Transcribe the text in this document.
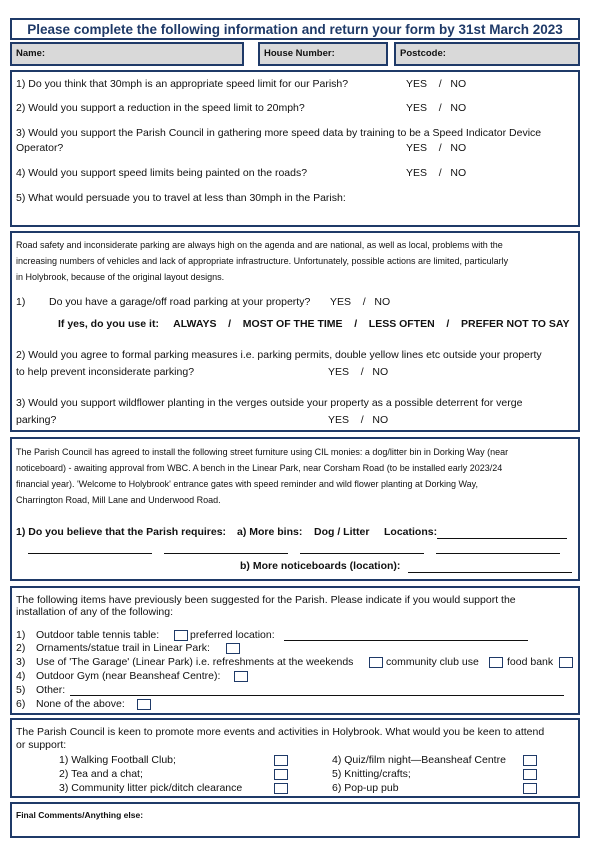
Please complete the following information and return your form by 31st March 2023
Name:	House Number:	Postcode:
1) Do you think that 30mph is an appropriate speed limit for our Parish?	YES / NO
2) Would you support a reduction in the speed limit to 20mph?	YES / NO
3) Would you support the Parish Council in gathering more speed data by training to be a Speed Indicator Device
Operator?	YES / NO
4) Would you support speed limits being painted on the roads?	YES / NO
5) What would persuade you to travel at less than 30mph in the Parish:
Road safety and inconsiderate parking are always high on the agenda and are national, as well as local, problems with the
increasing numbers of vehicles and lack of appropriate infrastructure. Unfortunately, possible actions are limited, particularly
in Holybrook, because of the original layout designs.
1) Do you have a garage/off road parking at your property? YES / NO
If yes, do you use it: ALWAYS    /    MOST OF THE TIME    /    LESS OFTEN    /    PREFER NOT TO SAY
2) Would you agree to formal parking measures i.e. parking permits, double yellow lines etc outside your property
to help prevent inconsiderate parking?	YES / NO
3) Would you support wildflower planting in the verges outside your property as a possible deterrent for verge
parking?	YES / NO
The Parish Council has agreed to install the following street furniture using CIL monies: a dog/litter bin in Dorking Way (near
noticeboard) - awaiting approval from WBC. A bench in the Linear Park, near Corsham Road (to be installed early 2023/24
financial year). 'Welcome to Holybrook' entrance gates with speed reminder and wild flower planting at Dorking Way,
Charrington Road, Mill Lane and Underwood Road.
1) Do you believe that the Parish requires: a) More bins: Dog / Litter Locations:
b) More noticeboards (location):
The following items have previously been suggested for the Parish. Please indicate if you would support the
installation of any of the following:
1) Outdoor table tennis table:	preferred location:
2) Ornaments/statue trail in Linear Park:
3) Use of 'The Garage' (Linear Park) i.e. refreshments at the weekends	community club use	food bank
4) Outdoor Gym (near Beansheaf Centre):
5) Other:
6) None of the above:
The Parish Council is keen to promote more events and activities in Holybrook. What would you be keen to attend
or support:
1) Walking Football Club;
2) Tea and a chat;
3) Community litter pick/ditch clearance
4) Quiz/film night—Beansheaf Centre
5) Knitting/crafts;
6) Pop-up pub
Final Comments/Anything else:
